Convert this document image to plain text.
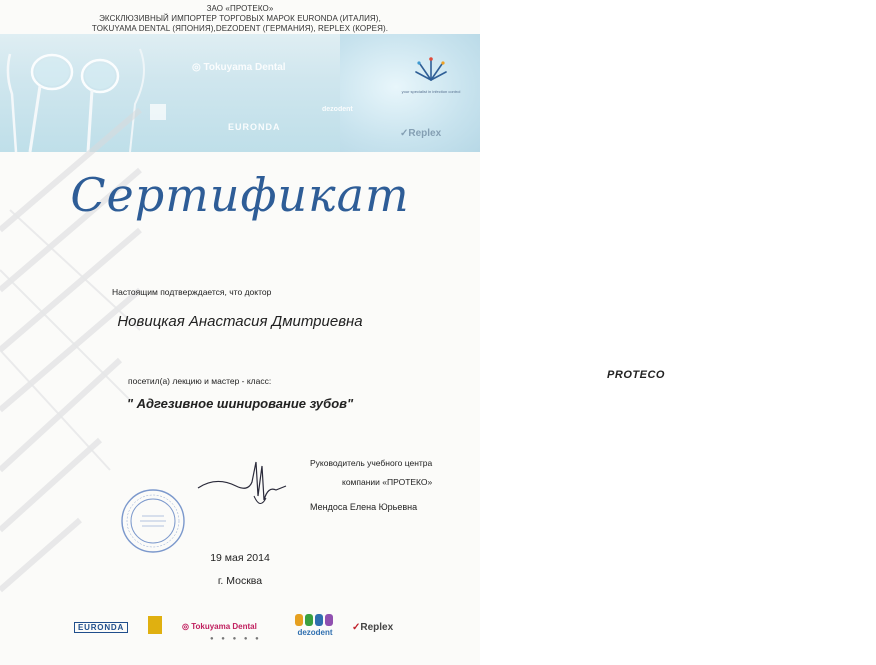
ЗАО «ПРОТЕКО»
ЭКСКЛЮЗИВНЫЙ ИМПОРТЕР ТОРГОВЫХ МАРОК EURONDA (ИТАЛИЯ),
TOKUYAMA DENTAL (ЯПОНИЯ),DEZODENT (ГЕРМАНИЯ), REPLEX (КОРЕЯ).
◎ Tokuyama Dental
EURONDA
dezodent
✓Replex
PROTECO
your specialist in infection control
Сертификат
Настоящим подтверждается, что доктор
Новицкая Анастасия Дмитриевна
посетил(а) лекцию и мастер - класс:
" Адгезивное шинирование зубов"
Руководитель учебного центра
компании «ПРОТЕКО»
Мендоса Елена Юрьевна
19 мая 2014
г. Москва
EURONDA	◎ Tokuyama Dental
● ● ● ● ●
dezodent	✓Replex
